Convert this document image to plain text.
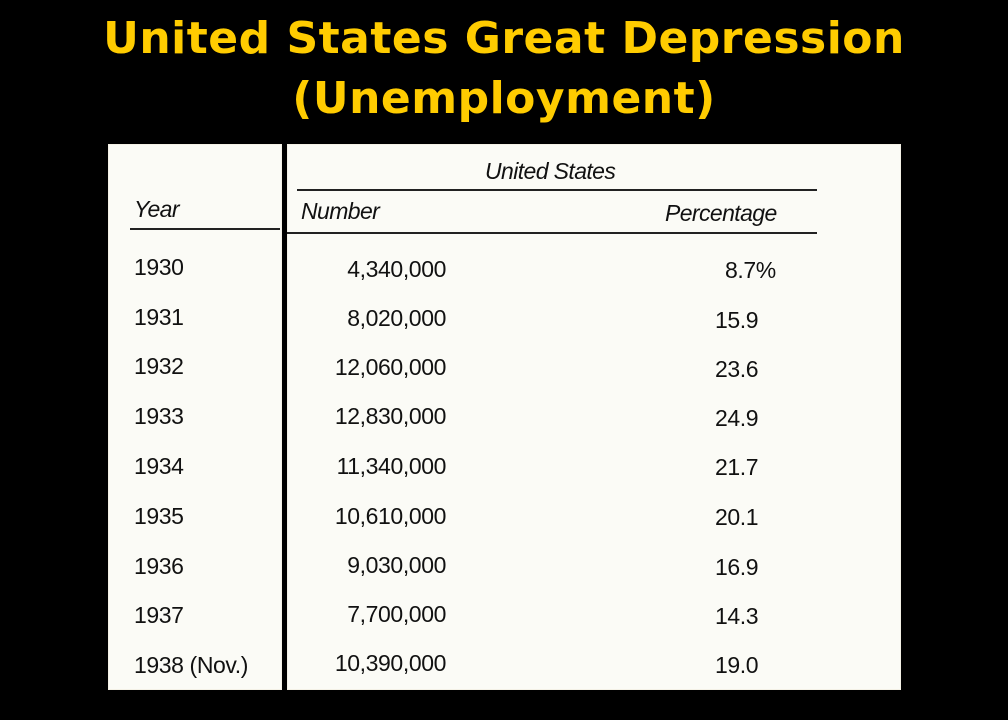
United States Great Depression
(Unemployment)
Year
1930
1931
1932
1933
1934
1935
1936
1937
1938 (Nov.)
United States
Number	Percentage
4,340,000
8,020,000
12,060,000
12,830,000
11,340,000
10,610,000
9,030,000
7,700,000
10,390,000
8.7%
15.9
23.6
24.9
21.7
20.1
16.9
14.3
19.0
